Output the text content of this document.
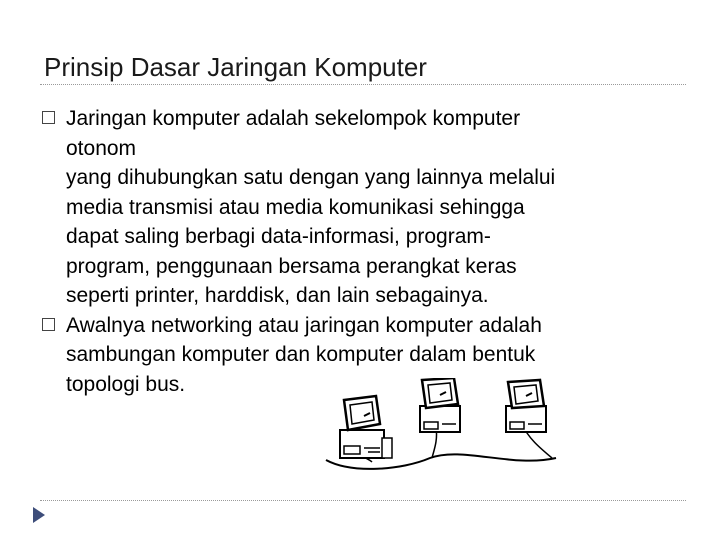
Prinsip Dasar Jaringan Komputer
Jaringan komputer adalah sekelompok komputer
otonom
yang dihubungkan satu dengan yang lainnya melalui
media transmisi atau media komunikasi sehingga
dapat saling berbagi data-informasi, program-
program, penggunaan bersama perangkat keras
seperti printer, harddisk, dan lain sebagainya.
Awalnya networking atau jaringan komputer adalah
sambungan komputer dan komputer dalam bentuk
topologi bus.
